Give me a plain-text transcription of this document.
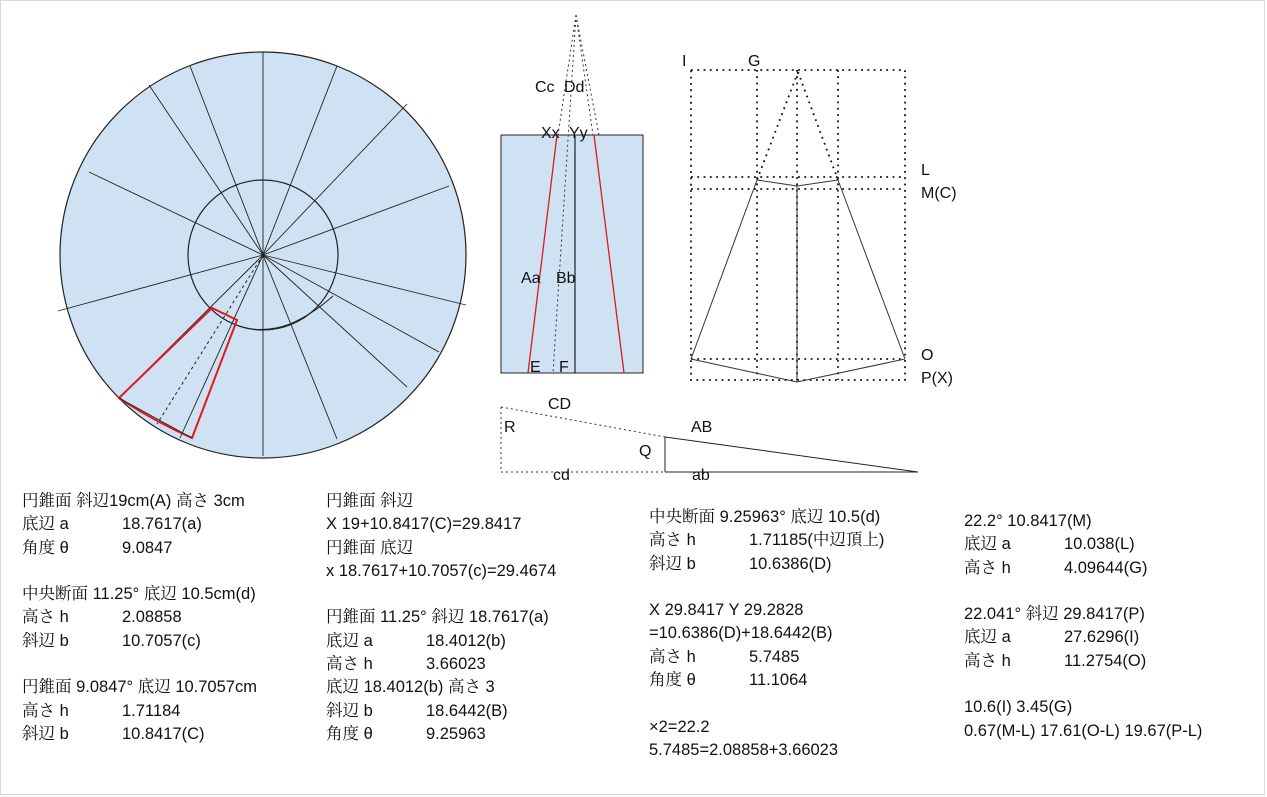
Cc Dd
Xx Yy
Aa Bb
E F
I	G
L
M(C)
O
P(X)
CD
R
Q
AB
cd	ab
円錐面 斜辺19cm(A) 高さ 3cm
底辺 a	18.7617(a)
角度 θ	9.0847
中央断面 11.25° 底辺 10.5cm(d)
高さ h	2.08858
斜辺 b	10.7057(c)
円錐面 9.0847° 底辺 10.7057cm
高さ h	1.71184
斜辺 b	10.8417(C)
円錐面 斜辺
X 19+10.8417(C)=29.8417
円錐面 底辺
x 18.7617+10.7057(c)=29.4674
円錐面 11.25° 斜辺 18.7617(a)
底辺 a	18.4012(b)
高さ h	3.66023
底辺 18.4012(b) 高さ 3
斜辺 b	18.6442(B)
角度 θ	9.25963
中央断面 9.25963° 底辺 10.5(d)
高さ h	1.71185(中辺頂上)
斜辺 b	10.6386(D)
X 29.8417 Y 29.2828
=10.6386(D)+18.6442(B)
高さ h	5.7485
角度 θ	11.1064
×2=22.2
5.7485=2.08858+3.66023
22.2° 10.8417(M)
底辺 a	10.038(L)
高さ h	4.09644(G)
22.041° 斜辺 29.8417(P)
底辺 a	27.6296(I)
高さ h	11.2754(O)
10.6(I) 3.45(G)
0.67(M-L) 17.61(O-L) 19.67(P-L)
